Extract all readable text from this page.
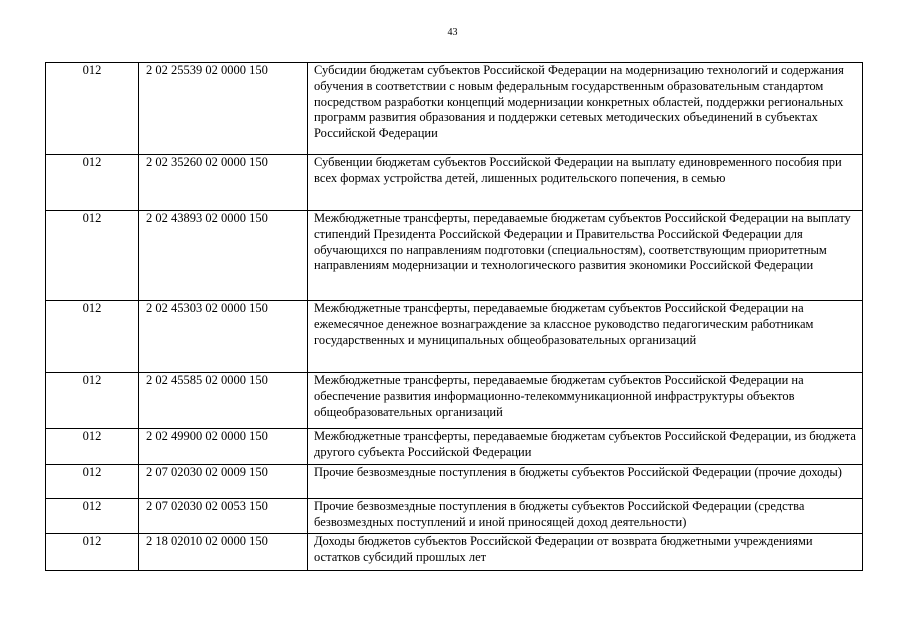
43
012	2 02 25539 02 0000 150	Субсидии бюджетам субъектов Российской Федерации на модернизацию технологий и содержания обучения в соответствии с новым федеральным государственным образовательным стандартом посредством разработки концепций модернизации конкретных областей, поддержки региональных программ развития образования и поддержки сетевых методических объединений в субъектах Российской Федерации
012	2 02 35260 02 0000 150	Субвенции бюджетам субъектов Российской Федерации на выплату единовременного пособия при всех формах устройства детей, лишенных родительского попечения, в семью
012	2 02 43893 02 0000 150	Межбюджетные трансферты, передаваемые бюджетам субъектов Российской Федерации на выплату стипендий Президента Российской Федерации и Правительства Российской Федерации для обучающихся по направлениям подготовки (специальностям), соответствующим приоритетным направлениям модернизации и технологического развития экономики Российской Федерации
012	2 02 45303 02 0000 150	Межбюджетные трансферты, передаваемые бюджетам субъектов Российской Федерации на ежемесячное денежное вознаграждение за классное руководство педагогическим работникам государственных и муниципальных общеобразовательных организаций
012	2 02 45585 02 0000 150	Межбюджетные трансферты, передаваемые бюджетам субъектов Российской Федерации на обеспечение развития информационно-телекоммуникационной инфраструктуры объектов общеобразовательных организаций
012	2 02 49900 02 0000 150	Межбюджетные трансферты, передаваемые бюджетам субъектов Российской Федерации, из бюджета другого субъекта Российской Федерации
012	2 07 02030 02 0009 150	Прочие безвозмездные поступления в бюджеты субъектов Российской Федерации (прочие доходы)
012	2 07 02030 02 0053 150	Прочие безвозмездные поступления в бюджеты субъектов Российской Федерации (средства безвозмездных поступлений и иной приносящей доход деятельности)
012	2 18 02010 02 0000 150	Доходы бюджетов субъектов Российской Федерации от возврата бюджетными учреждениями остатков субсидий прошлых лет
